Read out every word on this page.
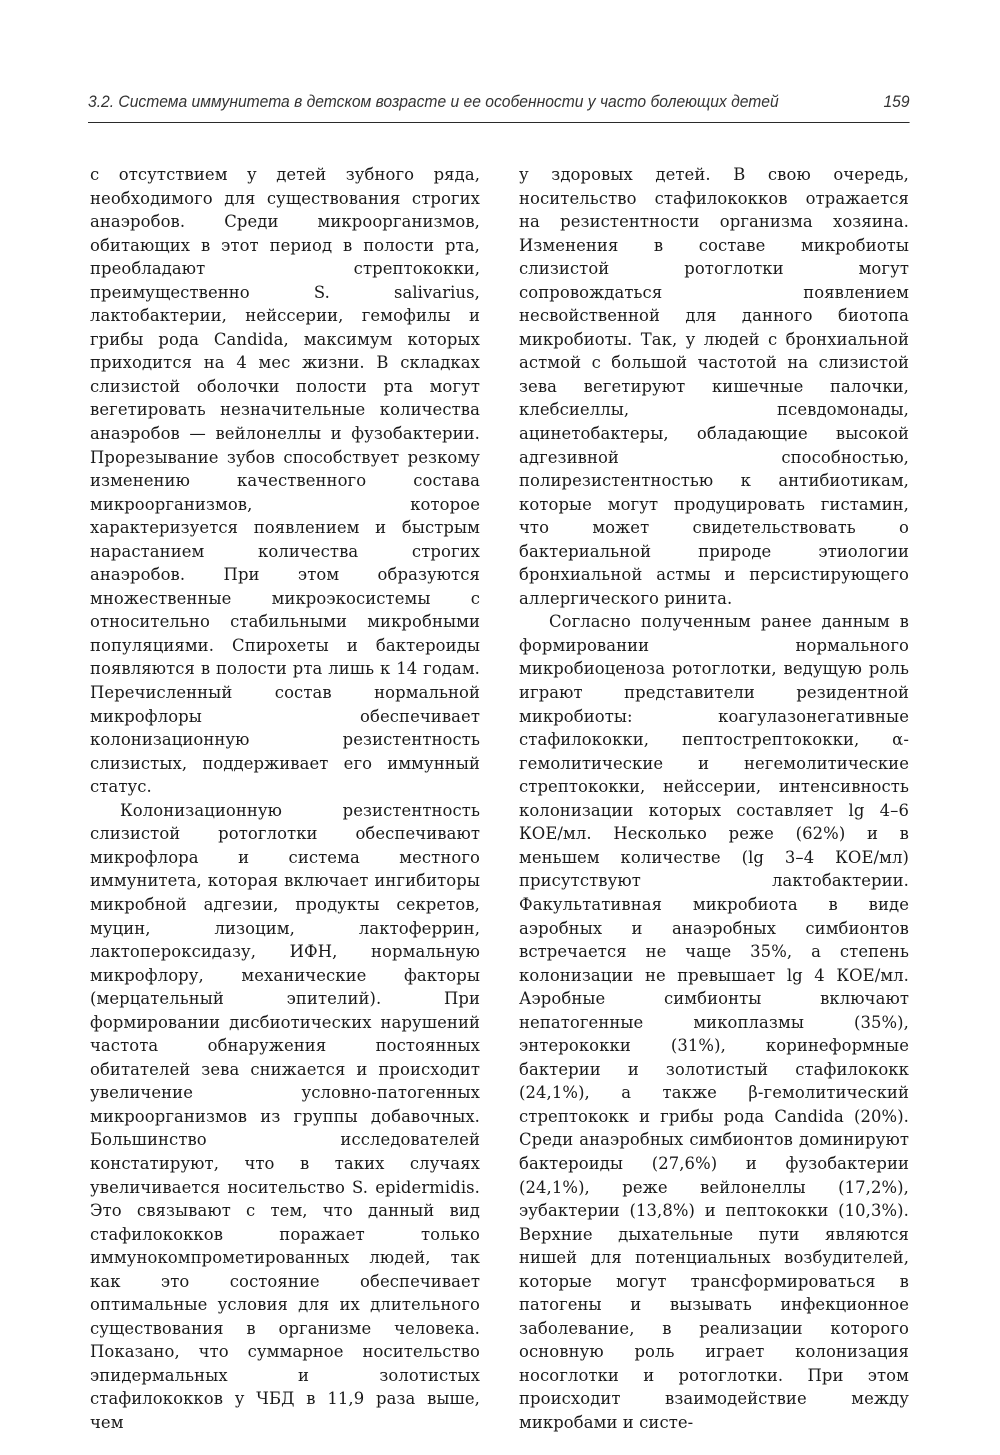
3.2. Система иммунитета в детском возрасте и ее особенности у часто болеющих детей	159

с отсутствием у детей зубного ряда, необходимого для существования строгих анаэробов. Среди микроорганизмов, обитающих в этот период в полости рта, преобладают стрептококки, преимущественно S. salivarius, лактобактерии, нейссерии, гемофилы и грибы рода Candida, максимум которых приходится на 4 мес жизни. В складках слизистой оболочки полости рта могут вегетировать незначительные количества анаэробов — вейлонеллы и фузобактерии. Прорезывание зубов способствует резкому изменению качественного состава микроорганизмов, которое характеризуется появлением и быстрым нарастанием количества строгих анаэробов. При этом образуются множественные микроэкосистемы с относительно стабильными микробными популяциями. Спирохеты и бактероиды появляются в полости рта лишь к 14 годам. Перечисленный состав нормальной микрофлоры обеспечивает колонизационную резистентность слизистых, поддерживает его иммунный статус.

Колонизационную резистентность слизистой ротоглотки обеспечивают микрофлора и система местного иммунитета, которая включает ингибиторы микробной адгезии, продукты секретов, муцин, лизоцим, лактоферрин, лактопероксидазу, ИФН, нормальную микрофлору, механические факторы (мерцательный эпителий). При формировании дисбиотических нарушений частота обнаружения постоянных обитателей зева снижается и происходит увеличение условно-патогенных микроорганизмов из группы добавочных. Большинство исследователей констатируют, что в таких случаях увеличивается носительство S. epidermidis. Это связывают с тем, что данный вид стафилококков поражает только иммунокомпрометированных людей, так как это состояние обеспечивает оптимальные условия для их длительного существования в организме человека. Показано, что суммарное носительство эпидермальных и золотистых стафилококков у ЧБД в 11,9 раза выше, чем

у здоровых детей. В свою очередь, носительство стафилококков отражается на резистентности организма хозяина. Изменения в составе микробиоты слизистой ротоглотки могут сопровождаться появлением несвойственной для данного биотопа микробиоты. Так, у людей с бронхиальной астмой с большой частотой на слизистой зева вегетируют кишечные палочки, клебсиеллы, псевдомонады, ацинетобактеры, обладающие высокой адгезивной способностью, полирезистентностью к антибиотикам, которые могут продуцировать гистамин, что может свидетельствовать о бактериальной природе этиологии бронхиальной астмы и персистирующего аллергического ринита.

Согласно полученным ранее данным в формировании нормального микробиоценоза ротоглотки, ведущую роль играют представители резидентной микробиоты: коагулазонегативные стафилококки, пептострептококки, α-гемолитические и негемолитические стрептококки, нейссерии, интенсивность колонизации которых составляет lg 4–6 КОЕ/мл. Несколько реже (62%) и в меньшем количестве (lg 3–4 КОЕ/мл) присутствуют лактобактерии. Факультативная микробиота в виде аэробных и анаэробных симбионтов встречается не чаще 35%, а степень колонизации не превышает lg 4 КОЕ/мл. Аэробные симбионты включают непатогенные микоплазмы (35%), энтерококки (31%), коринеформные бактерии и золотистый стафилококк (24,1%), а также β-гемолитический стрептококк и грибы рода Candida (20%). Среди анаэробных симбионтов доминируют бактероиды (27,6%) и фузобактерии (24,1%), реже вейлонеллы (17,2%), эубактерии (13,8%) и пептококки (10,3%). Верхние дыхательные пути являются нишей для потенциальных возбудителей, которые могут трансформироваться в патогены и вызывать инфекционное заболевание, в реализации которого основную роль играет колонизация носоглотки и ротоглотки. При этом происходит взаимодействие между микробами и систе-
